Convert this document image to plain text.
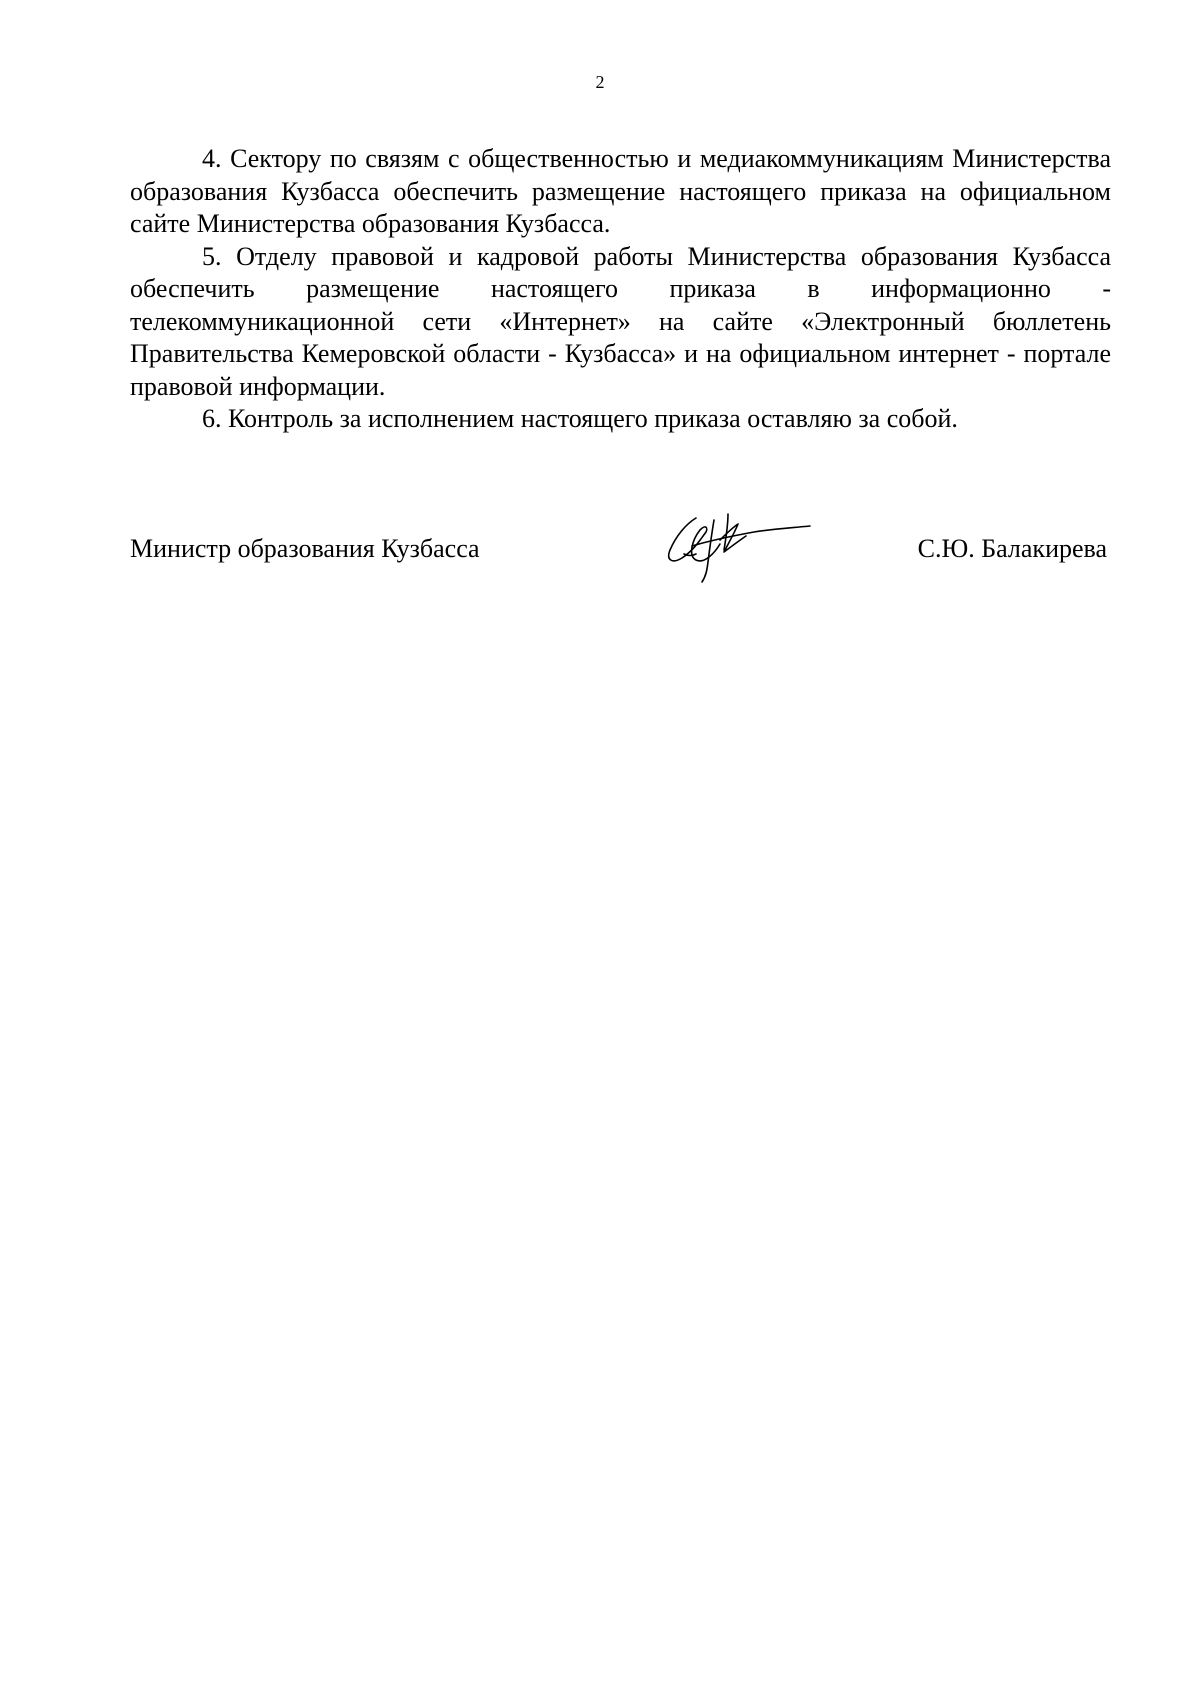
2

4. Сектору по связям с общественностью и медиакоммуникациям Министерства образования Кузбасса обеспечить размещение настоящего приказа на официальном сайте Министерства образования Кузбасса.

5. Отделу правовой и кадровой работы Министерства образования Кузбасса обеспечить размещение настоящего приказа в информационно - телекоммуникационной сети «Интернет» на сайте «Электронный бюллетень Правительства Кемеровской области - Кузбасса» и на официальном интернет - портале правовой информации.

6. Контроль за исполнением настоящего приказа оставляю за собой.

Министр образования Кузбасса	С.Ю. Балакирева
